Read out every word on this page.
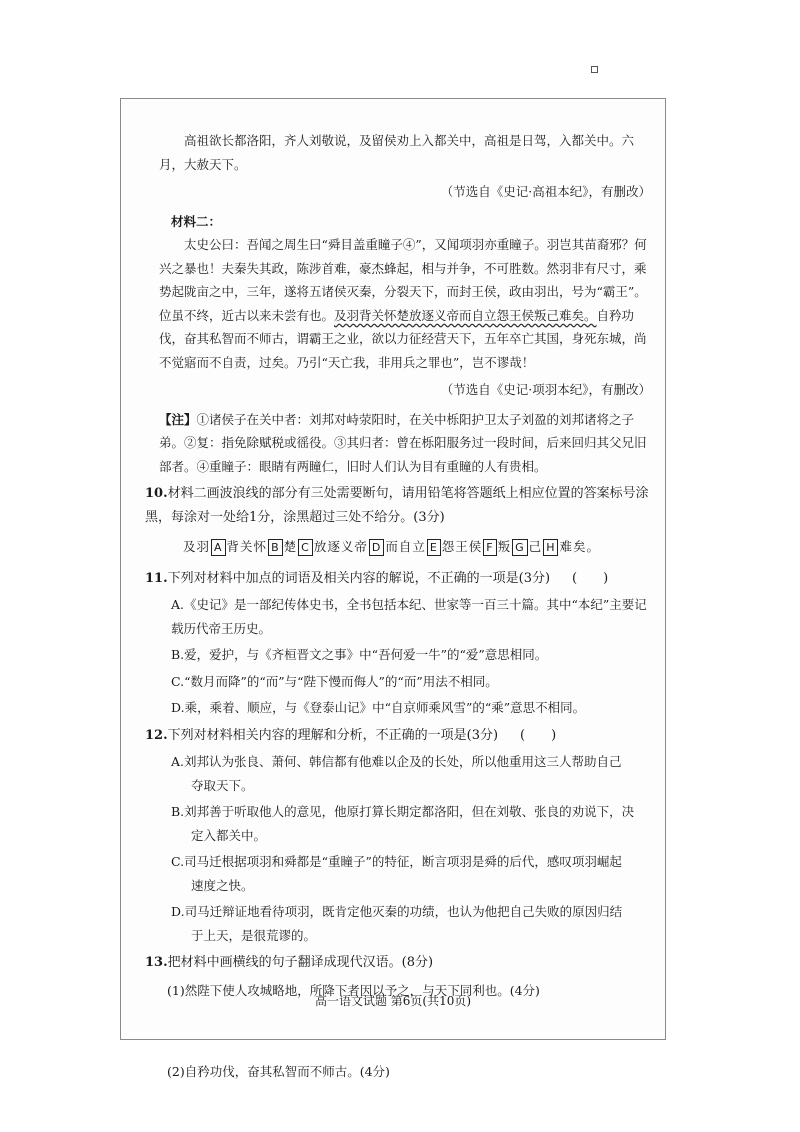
高祖欲长都洛阳，齐人刘敬说，及留侯劝上入都关中，高祖是日驾，入都关中。六

月，大赦天下。

（节选自《史记·高祖本纪》，有删改）

材料二：

太史公曰：吾闻之周生曰“舜目盖重瞳子④”，又闻项羽亦重瞳子。羽岂其苗裔邪？何兴之暴也！夫秦失其政，陈涉首难，豪杰蜂起，相与并争，不可胜数。然羽非有尺寸，乘势起陇亩之中，三年，遂将五诸侯灭秦，分裂天下，而封王侯，政由羽出，号为“霸王”。位虽不终，近古以来未尝有也。及羽背关怀楚放逐义帝而自立怨王侯叛己难矣。自矜功伐，奋其私智而不师古，谓霸王之业，欲以力征经营天下，五年卒亡其国，身死东城，尚不觉寤而不自责，过矣。乃引“天亡我，非用兵之罪也”，岂不谬哉！

（节选自《史记·项羽本纪》，有删改）

【注】①诸侯子在关中者：刘邦对峙荥阳时，在关中栎阳护卫太子刘盈的刘邦诸将之子弟。②复：指免除赋税或徭役。③其归者：曾在栎阳服务过一段时间，后来回归其父兄旧部者。④重瞳子：眼睛有两瞳仁，旧时人们认为目有重瞳的人有贵相。

10.材料二画波浪线的部分有三处需要断句，请用铅笔将答题纸上相应位置的答案标号涂黑，每涂对一处给1分，涂黑超过三处不给分。(3分)

及羽 A 背关怀 B 楚 C 放逐义帝 D 而自立 E 怨王侯 F 叛 G 己 H 难矣。

11.下列对材料中加点的词语及相关内容的解说，不正确的一项是(3分) (　　)

A.《史记》是一部纪传体史书，全书包括本纪、世家等一百三十篇。其中“本纪”主要记载历代帝王历史。
B.爱，爱护，与《齐桓晋文之事》中“吾何爱一牛”的“爱”意思相同。
C.“数月而降”的“而”与“陛下慢而侮人”的“而”用法不相同。
D.乘，乘着、顺应，与《登泰山记》中“自京师乘风雪”的“乘”意思不相同。

12.下列对材料相关内容的理解和分析，不正确的一项是(3分) (　　)

A.刘邦认为张良、萧何、韩信都有他难以企及的长处，所以他重用这三人帮助自己
夺取天下。
B.刘邦善于听取他人的意见，他原打算长期定都洛阳，但在刘敬、张良的劝说下，决
定入都关中。
C.司马迁根据项羽和舜都是“重瞳子”的特征，断言项羽是舜的后代，感叹项羽崛起
速度之快。
D.司马迁辩证地看待项羽，既肯定他灭秦的功绩，也认为他把自己失败的原因归结
于上天，是很荒谬的。

13.把材料中画横线的句子翻译成现代汉语。(8分)

(1)然陛下使人攻城略地，所降下者因以予之，与天下同利也。(4分)

(2)自矜功伐，奋其私智而不师古。(4分)

高一语文试题 第6页(共10页)
